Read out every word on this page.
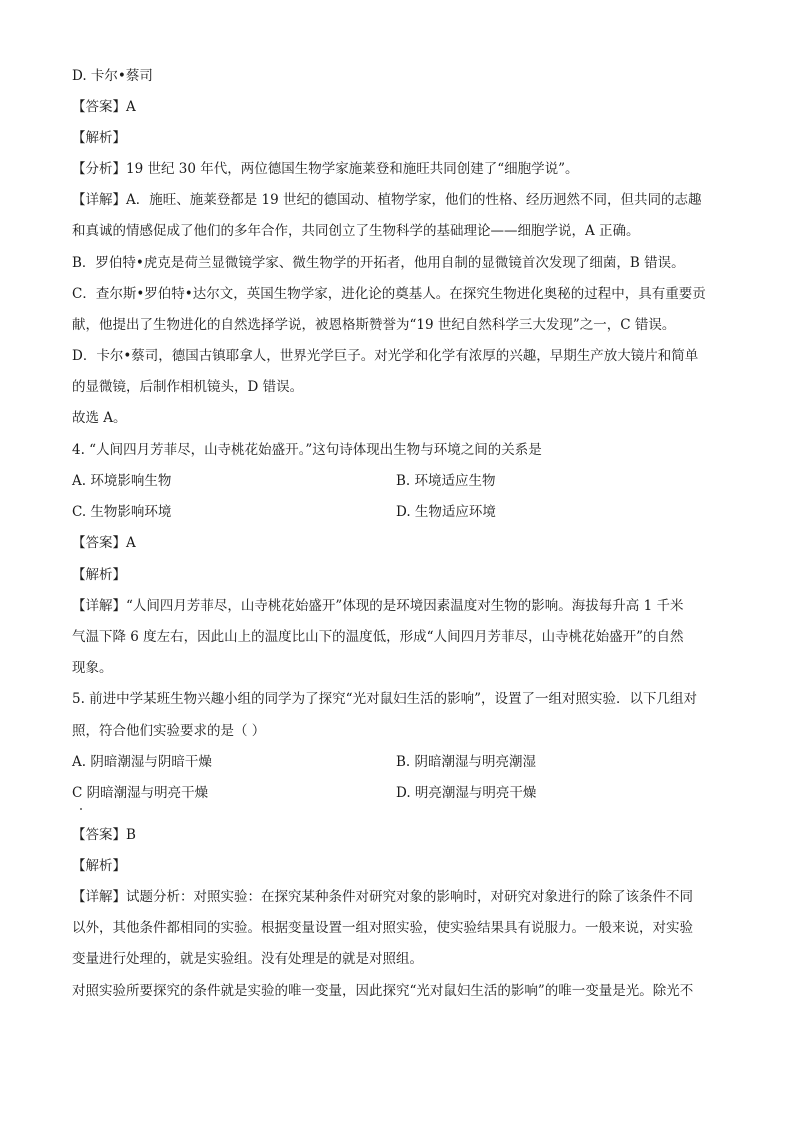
D. 卡尔•蔡司
【答案】A
【解析】
【分析】19 世纪 30 年代，两位德国生物学家施莱登和施旺共同创建了“细胞学说”。
【详解】A．施旺、施莱登都是 19 世纪的德国动、植物学家，他们的性格、经历迥然不同，但共同的志趣
和真诚的情感促成了他们的多年合作，共同创立了生物科学的基础理论——细胞学说，A 正确。
B．罗伯特•虎克是荷兰显微镜学家、微生物学的开拓者，他用自制的显微镜首次发现了细菌，B 错误。
C．查尔斯•罗伯特•达尔文，英国生物学家，进化论的奠基人。在探究生物进化奥秘的过程中，具有重要贡
献，他提出了生物进化的自然选择学说，被恩格斯赞誉为“19 世纪自然科学三大发现”之一，C 错误。
D．卡尔•蔡司，德国古镇耶拿人，世界光学巨子。对光学和化学有浓厚的兴趣，早期生产放大镜片和简单
的显微镜，后制作相机镜头，D 错误。
故选 A。
4. “人间四月芳菲尽，山寺桃花始盛开。”这句诗体现出生物与环境之间的关系是
A. 环境影响生物	B. 环境适应生物
C. 生物影响环境	D. 生物适应环境
【答案】A
【解析】
【详解】“人间四月芳菲尽，山寺桃花始盛开”体现的是环境因素温度对生物的影响。海拔每升高 1 千米
气温下降 6 度左右，因此山上的温度比山下的温度低，形成“人间四月芳菲尽，山寺桃花始盛开”的自然
现象。
5. 前进中学某班生物兴趣小组的同学为了探究“光对鼠妇生活的影响”，设置了一组对照实验．以下几组对
照，符合他们实验要求的是（ ）
A. 阴暗潮湿与阴暗干燥	B. 阴暗潮湿与明亮潮湿
C 阴暗潮湿与明亮干燥	D. 明亮潮湿与明亮干燥
【答案】B
【解析】
【详解】试题分析：对照实验：在探究某种条件对研究对象的影响时，对研究对象进行的除了该条件不同
以外，其他条件都相同的实验。根据变量设置一组对照实验，使实验结果具有说服力。一般来说，对实验
变量进行处理的，就是实验组。没有处理是的就是对照组。
对照实验所要探究的条件就是实验的唯一变量，因此探究“光对鼠妇生活的影响”的唯一变量是光。除光不
